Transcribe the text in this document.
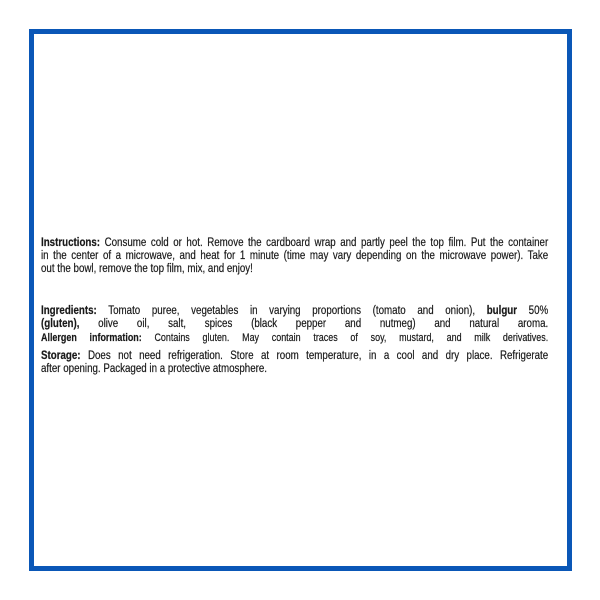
Instructions: Consume cold or hot. Remove the cardboard wrap and partly peel the top film. Put the container
in the center of a microwave, and heat for 1 minute (time may vary depending on the microwave power). Take
out the bowl, remove the top film, mix, and enjoy!
Ingredients: Tomato puree, vegetables in varying proportions (tomato and onion), bulgur 50%
(gluten), olive oil, salt, spices (black pepper and nutmeg) and natural aroma.
Allergen information: Contains gluten. May contain traces of soy, mustard, and milk derivatives.
Storage: Does not need refrigeration. Store at room temperature, in a cool and dry place. Refrigerate
after opening. Packaged in a protective atmosphere.
